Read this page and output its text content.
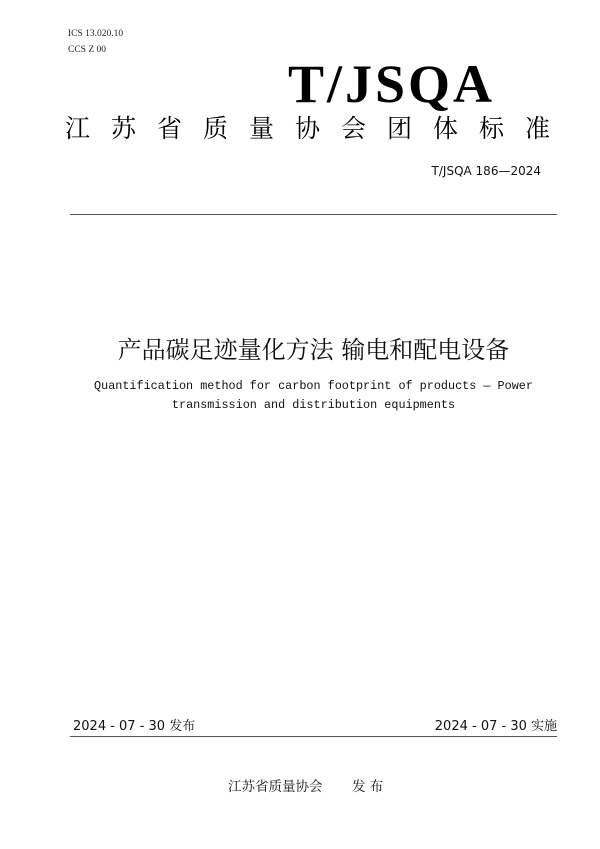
ICS 13.020.10
CCS Z 00
T/JSQA
江苏省质量协会团体标准
T/JSQA 186—2024
产品碳足迹量化方法 输电和配电设备
Quantification method for carbon footprint of products — Power
transmission and distribution equipments
2024 - 07 - 30 发布	2024 - 07 - 30 实施
江苏省质量协会 发 布
